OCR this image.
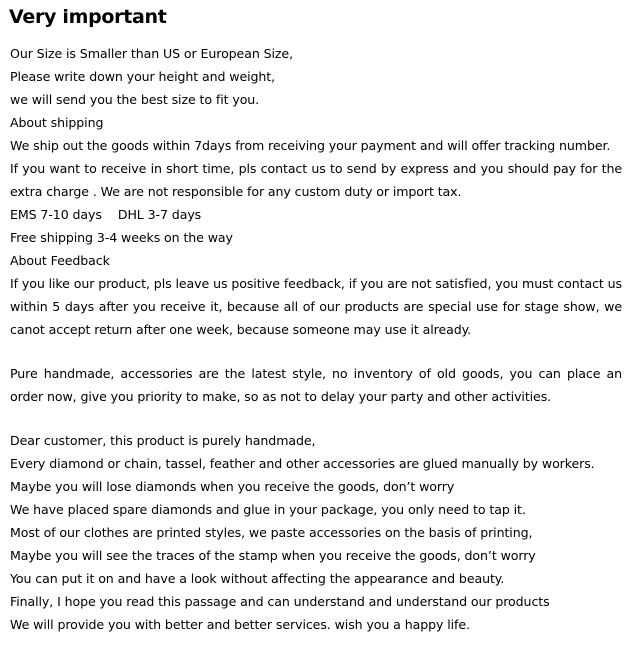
Very important
Our Size is Smaller than US or European Size,
Please write down your height and weight,
we will send you the best size to fit you.
About shipping
We ship out the goods within 7days from receiving your payment and will offer tracking number.
If you want to receive in short time, pls contact us to send by express and you should pay for the
extra charge . We are not responsible for any custom duty or import tax.
EMS 7-10 days DHL 3-7 days
Free shipping 3-4 weeks on the way
About Feedback
If you like our product, pls leave us positive feedback, if you are not satisfied, you must contact us
within 5 days after you receive it, because all of our products are special use for stage show, we
canot accept return after one week, because someone may use it already.
Pure handmade, accessories are the latest style, no inventory of old goods, you can place an
order now, give you priority to make, so as not to delay your party and other activities.
Dear customer, this product is purely handmade,
Every diamond or chain, tassel, feather and other accessories are glued manually by workers.
Maybe you will lose diamonds when you receive the goods, don’t worry
We have placed spare diamonds and glue in your package, you only need to tap it.
Most of our clothes are printed styles, we paste accessories on the basis of printing,
Maybe you will see the traces of the stamp when you receive the goods, don’t worry
You can put it on and have a look without affecting the appearance and beauty.
Finally, I hope you read this passage and can understand and understand our products
We will provide you with better and better services. wish you a happy life.
